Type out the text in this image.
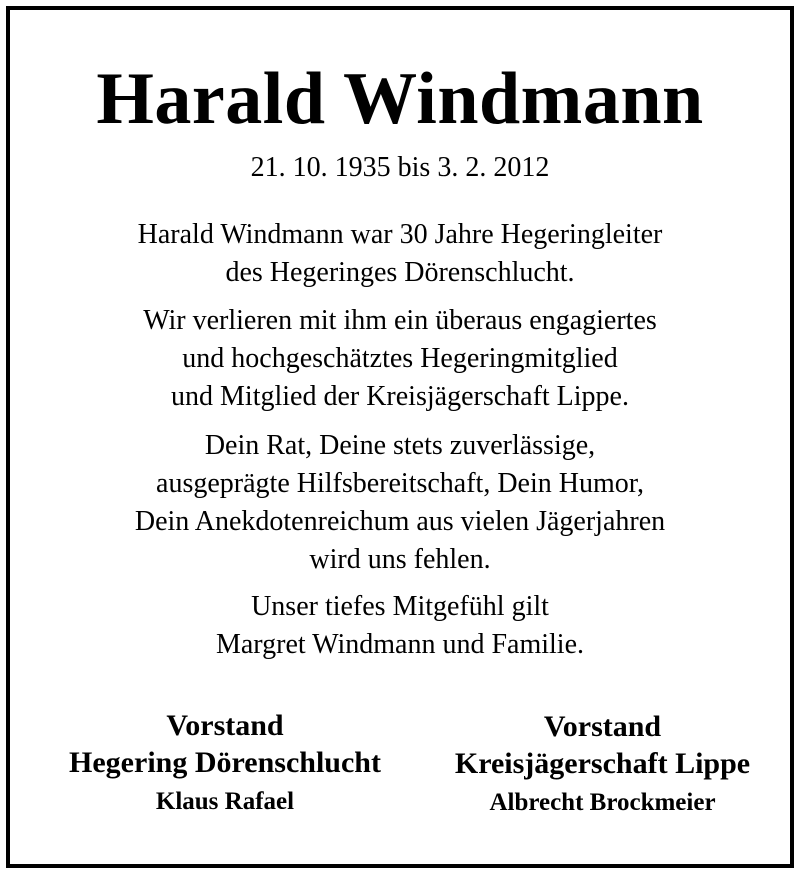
Harald Windmann
21. 10. 1935 bis 3. 2. 2012
Harald Windmann war 30 Jahre Hegeringleiter
des Hegeringes Dörenschlucht.
Wir verlieren mit ihm ein überaus engagiertes
und hochgeschätztes Hegeringmitglied
und Mitglied der Kreisjägerschaft Lippe.
Dein Rat, Deine stets zuverlässige,
ausgeprägte Hilfsbereitschaft, Dein Humor,
Dein Anekdotenreichum aus vielen Jägerjahren
wird uns fehlen.
Unser tiefes Mitgefühl gilt
Margret Windmann und Familie.
Vorstand
Hegering Dörenschlucht
Klaus Rafael
Vorstand
Kreisjägerschaft Lippe
Albrecht Brockmeier
